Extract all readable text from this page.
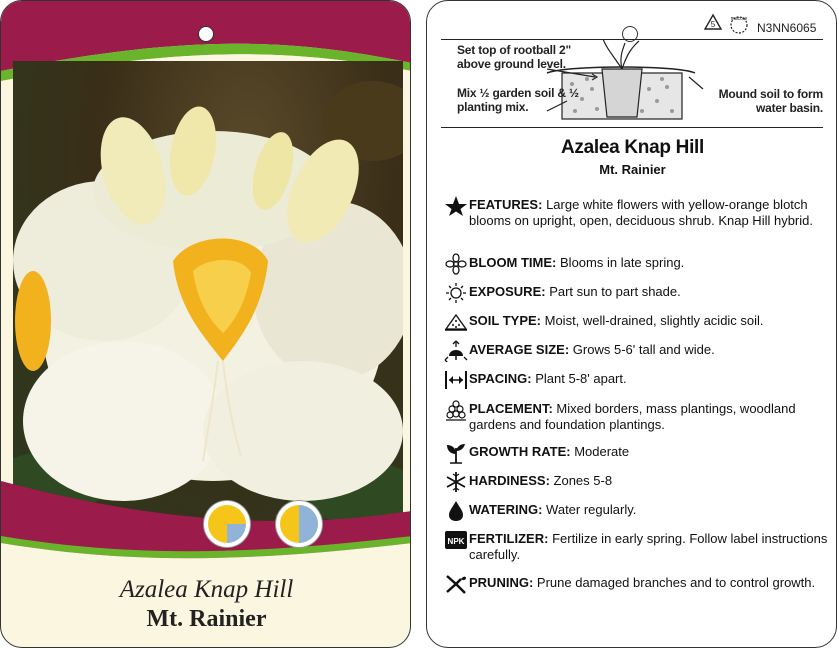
Azalea Knap Hill
Mt. Rainier
5
macore
N3NN6065
Set top of rootball 2" above ground level.
Mix ½ garden soil & ½ planting mix.
Mound soil to form water basin.
Azalea Knap Hill
Mt. Rainier
FEATURES: Large white flowers with yellow-orange blotch blooms on upright, open, deciduous shrub. Knap Hill hybrid.
BLOOM TIME: Blooms in late spring.
EXPOSURE: Part sun to part shade.
SOIL TYPE: Moist, well-drained, slightly acidic soil.
AVERAGE SIZE: Grows 5-6' tall and wide.
SPACING: Plant 5-8' apart.
PLACEMENT: Mixed borders, mass plantings, woodland gardens and foundation plantings.
GROWTH RATE: Moderate
HARDINESS: Zones 5-8
WATERING: Water regularly.
NPK FERTILIZER: Fertilize in early spring. Follow label instructions carefully.
PRUNING: Prune damaged branches and to control growth.
